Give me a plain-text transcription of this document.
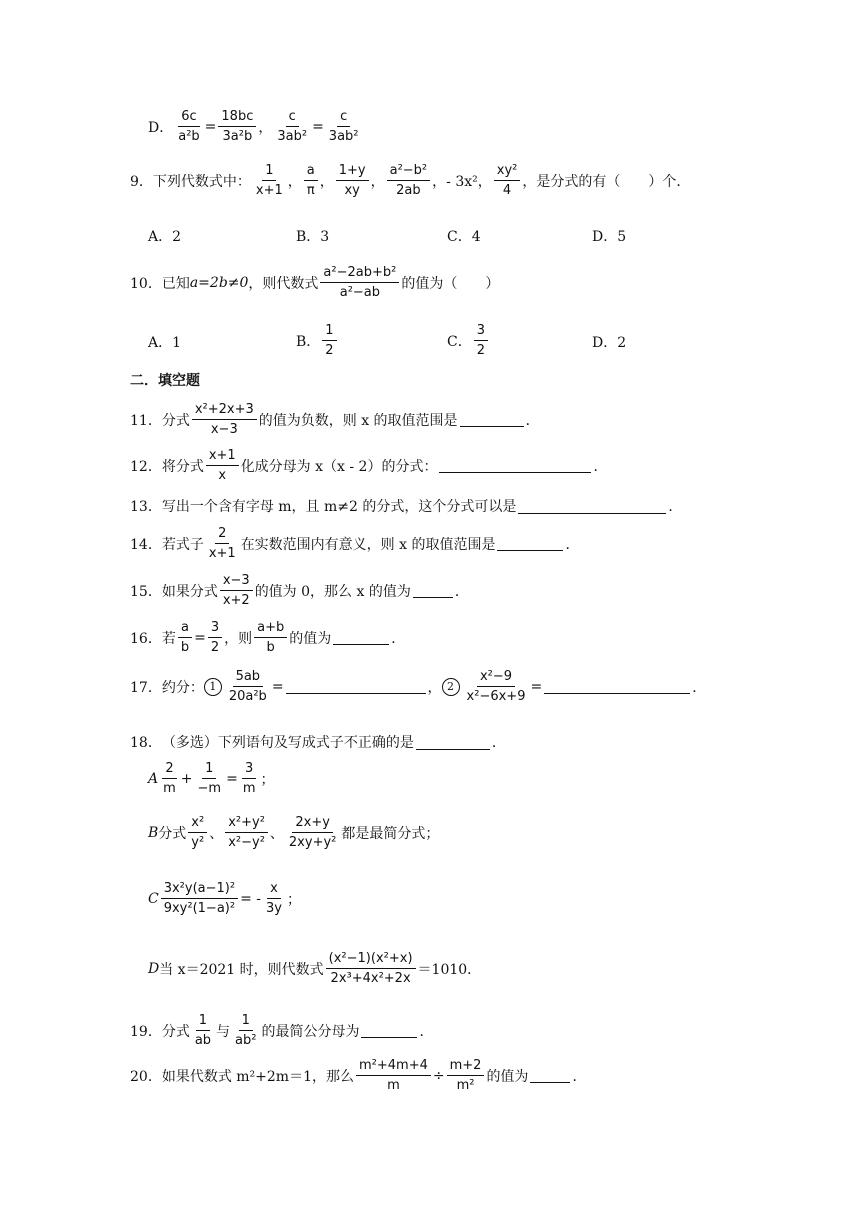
D． $\frac{6c}{\text{a²b}} = \frac{18bc}{\text{3a²b}}$ ， $\frac{c}{\text{3ab²}} = \frac{c}{\text{3ab²}}$
9． 下列代数式中： $\frac{1}{x+1}$ ， $\frac{a}{\pi}$ ， $\frac{1+y}{xy}$ ， $\frac{\text{a²−b²}}{2ab}$ ，- 3x²， $\frac{\text{xy²}}{4}$ ，是分式的有（　　）个．
A．2	B．3	C．4	D．5
10． 已知 a=2b≠0 ，则代数式 $\frac{\text{a²−2ab+b²}}{\text{a²−ab}}$ 的值为（　　）
A．1	B． $\frac{1}{2}$	C． $\frac{3}{2}$	D．2
二．填空题
11． 分式 $\frac{\text{x²+2x+3}}{x-3}$ 的值为负数，则 x 的取值范围是	．
12． 将分式 $\frac{x+1}{x}$ 化成分母为 x（x - 2）的分式：	．
13． 写出一个含有字母 m，且 m≠2 的分式，这个分式可以是	．
14． 若式子 $\frac{2}{x+1}$ 在实数范围内有意义，则 x 的取值范围是	．
15． 如果分式 $\frac{x-3}{x+2}$ 的值为 0，那么 x 的值为	．
16． 若 $\frac{a}{b} = \frac{3}{2}$ ，则 $\frac{a+b}{b}$ 的值为	．
17． 约分： $1 \frac{5ab}{\text{20a²b}}$ =	， $2 \frac{\text{x²−9}}{\text{x²−6x+9}}$ =	．
18． （多选）下列语句及写成式子不正确的是	．
A $\frac{2}{m} + \frac{1}{-m} = \frac{3}{m}$ ；
B 分式 $\frac{\text{x²}}{\text{y²}}$ 、 $\frac{\text{x²+y²}}{\text{x²−y²}}$ 、 $\frac{2x+y}{\text{2xy+y²}}$ 都是最简分式；
C $\frac{\text{3x²y(a−1)²}}{\text{9xy²(1−a)²}}$ = - $\frac{x}{3y}$ ；
D 当 x＝2021 时，则代数式 $\frac{\text{(x²−1)(x²+x)}}{\text{2x³+4x²+2x}} =1010$．
19． 分式 $\frac{1}{ab}$ 与 $\frac{1}{\text{ab²}}$ 的最简公分母为	．
20． 如果代数式 m²+2m＝1，那么 $\frac{\text{m²+4m+4}}{m} \div \frac{m+2}{\text{m²}}$ 的值为	．
